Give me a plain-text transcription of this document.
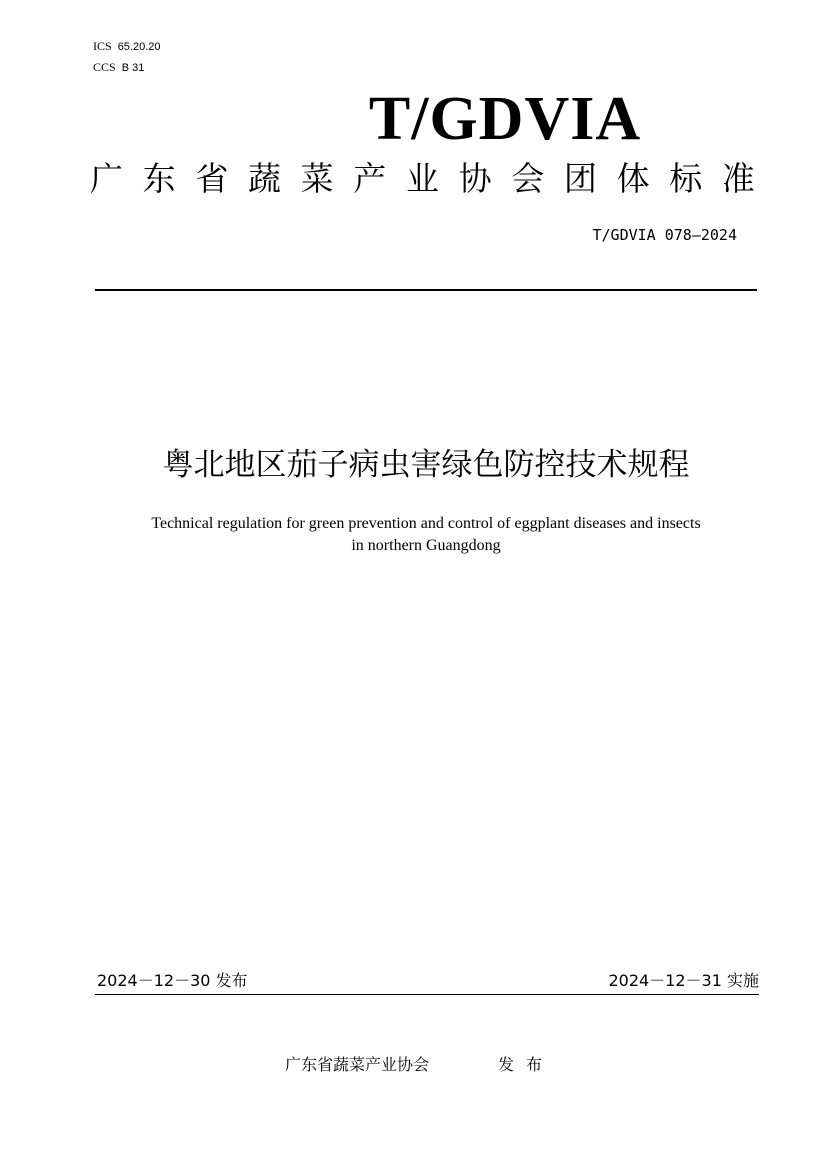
ICS 65.20.20
CCS B 31
T/GDVIA
广 东 省 蔬 菜 产 业 协 会 团 体 标 准
T/GDVIA 078—2024
粤北地区茄子病虫害绿色防控技术规程
Technical regulation for green prevention and control of eggplant diseases and insects
in northern Guangdong
2024－12－30 发布	2024－12－31 实施
广东省蔬菜产业协会	发布
